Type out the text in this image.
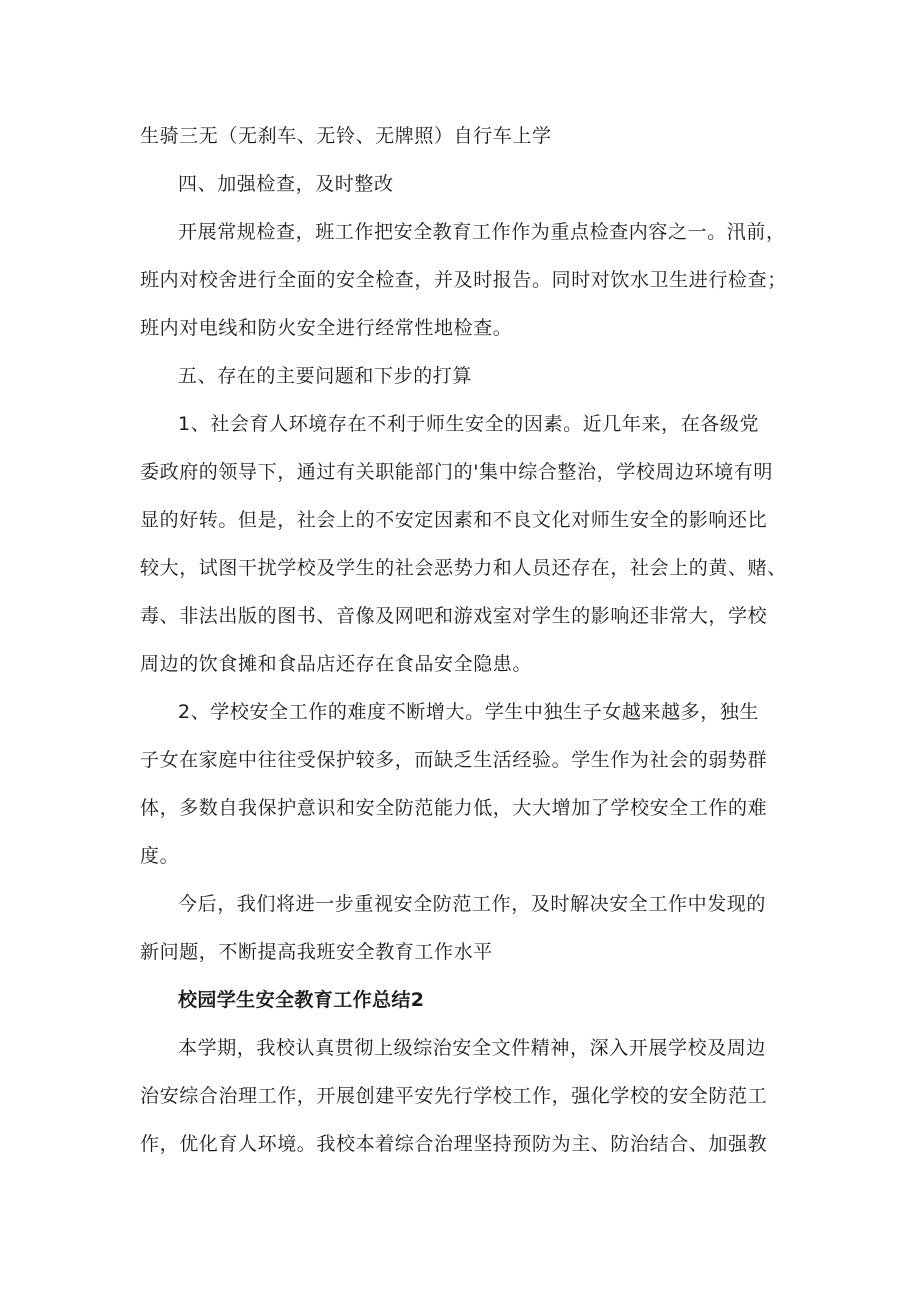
生骑三无（无刹车、无铃、无牌照）自行车上学
四、加强检查，及时整改
开展常规检查，班工作把安全教育工作作为重点检查内容之一。汛前，
班内对校舍进行全面的安全检查，并及时报告。同时对饮水卫生进行检查；
班内对电线和防火安全进行经常性地检查。
五、存在的主要问题和下步的打算
1、社会育人环境存在不利于师生安全的因素。近几年来，在各级党
委政府的领导下，通过有关职能部门的'集中综合整治，学校周边环境有明
显的好转。但是，社会上的不安定因素和不良文化对师生安全的影响还比
较大，试图干扰学校及学生的社会恶势力和人员还存在，社会上的黄、赌、
毒、非法出版的图书、音像及网吧和游戏室对学生的影响还非常大，学校
周边的饮食摊和食品店还存在食品安全隐患。
2、学校安全工作的难度不断增大。学生中独生子女越来越多，独生
子女在家庭中往往受保护较多，而缺乏生活经验。学生作为社会的弱势群
体，多数自我保护意识和安全防范能力低，大大增加了学校安全工作的难
度。
今后，我们将进一步重视安全防范工作，及时解决安全工作中发现的
新问题，不断提高我班安全教育工作水平
校园学生安全教育工作总结2
本学期，我校认真贯彻上级综治安全文件精神，深入开展学校及周边
治安综合治理工作，开展创建平安先行学校工作，强化学校的安全防范工
作，优化育人环境。我校本着综合治理坚持预防为主、防治结合、加强教
